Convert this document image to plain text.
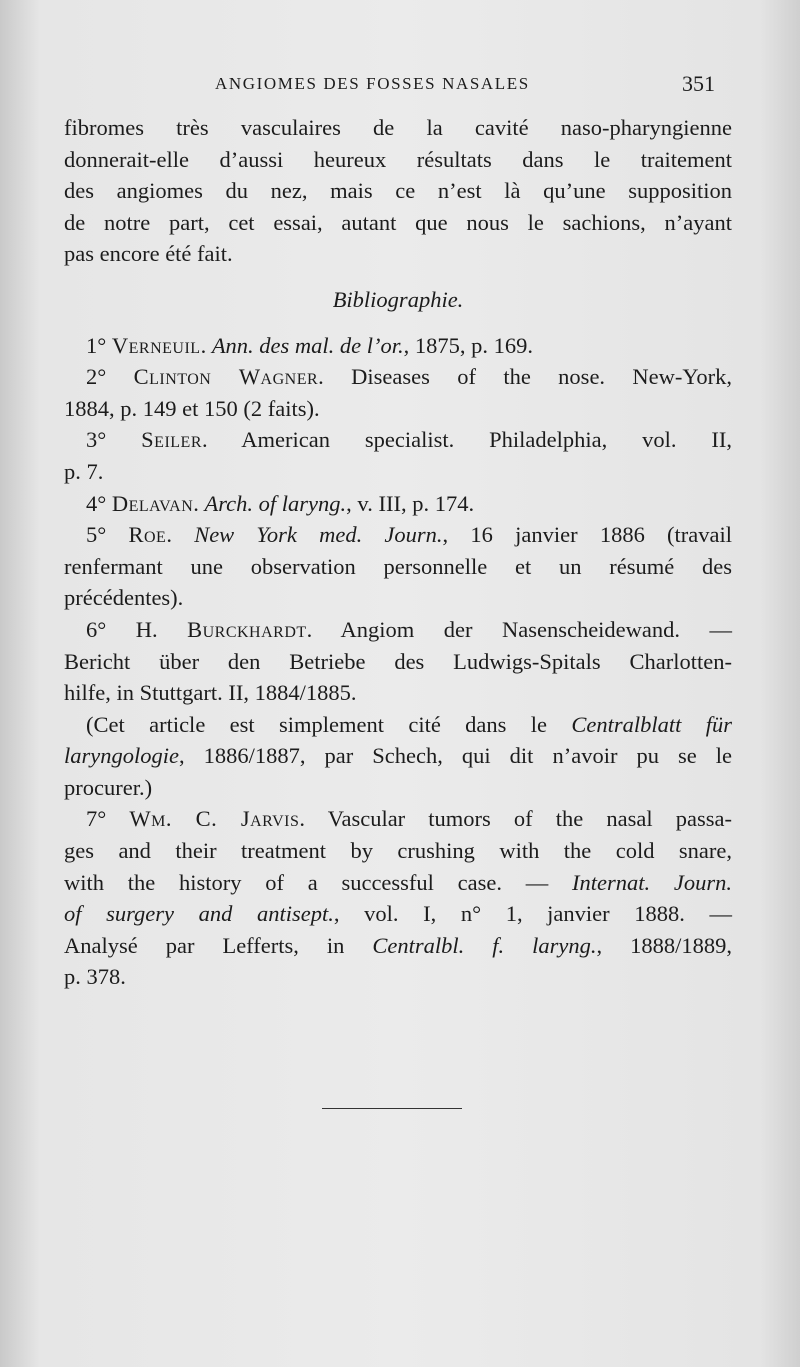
ANGIOMES DES FOSSES NASALES	351
fibromes très vasculaires de la cavité naso-pharyngienne
donnerait-elle d’aussi heureux résultats dans le traitement
des angiomes du nez, mais ce n’est là qu’une supposition
de notre part, cet essai, autant que nous le sachions, n’ayant
pas encore été fait.
Bibliographie.
1° Verneuil. Ann. des mal. de l’or., 1875, p. 169.
2° Clinton Wagner. Diseases of the nose. New-York,
1884, p. 149 et 150 (2 faits).
3° Seiler. American specialist. Philadelphia, vol. II,
p. 7.
4° Delavan. Arch. of laryng., v. III, p. 174.
5° Roe. New York med. Journ., 16 janvier 1886 (travail
renfermant une observation personnelle et un résumé des
précédentes).
6° H. Burckhardt. Angiom der Nasenscheidewand. —
Bericht über den Betriebe des Ludwigs-Spitals Charlotten-
hilfe, in Stuttgart. II, 1884/1885.
(Cet article est simplement cité dans le Centralblatt für
laryngologie, 1886/1887, par Schech, qui dit n’avoir pu se le
procurer.)
7° Wm. C. Jarvis. Vascular tumors of the nasal passa-
ges and their treatment by crushing with the cold snare,
with the history of a successful case. — Internat. Journ.
of surgery and antisept., vol. I, n° 1, janvier 1888. —
Analysé par Lefferts, in Centralbl. f. laryng., 1888/1889,
p. 378.
